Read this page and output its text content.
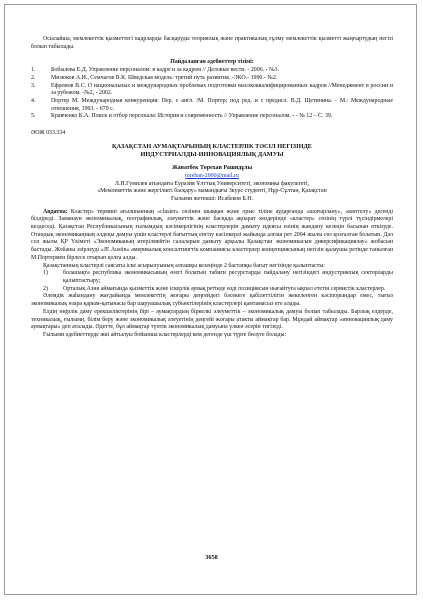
Осылайша, мемлекеттік қызметтегі кадрларды басқаруды теориялық және практикалық ғұлму мемлекеттік қызметті жаңғыртудың негізі болып табылады.

Пайдаланған әдебиеттер тізімі:

1.	Бобылева Е.Д. Управление персоналом: в кадре и за кадром // Деловые вести. - 2006. - №3.
2.	Мизюков А.И., Семчагов В.К. Шведская модель: третий путь развития. -ЭКО.- 1990.- №2.
3.	Ефремов В.С. О национальных и международных проблемах подготовки высококвалифицированных кадров //Менеджмент в россии и за рубежом. -№2, - 2002.
4.	Портер М. Международная конкуренция: Пер. с англ. /М. Портер; под ред. и с предисл. В.Д. Щетинина. - М.: Международные отношения, 1993. - 679 с.
5.	Кравченко К.А. Поиск и отбор персонала: История и современность // Управление персоналом. - - № 12 – С. 39.

ӘОЖ 033.334

ҚАЗАҚСТАН АУМАҚТАРЫНЫҢ КЛАСТЕРЛІК ТӘСІЛ НЕГІЗІНДЕ

ИНДУСТРИАЛДЫ-ИННОВАЦИЯЛЫҚ ДАМУЫ

Жанатбек Төрехан Рашидұлы

torehan-2000@mail.ru

Л.Н.Гумилев атындағы Еуразия Ұлттық Университеті, экономика факультеті,

«Мемлекеттік және жергілікті басқару» мамандығы 3курс студенті, Нұр-Сұлтан, Қазақстан

Ғылыми жетекші: Исабеков Б.Н.

Аңдатпа: Кластер» термині ағылшынның «cluster» сөзінен шыққан және орыс тіліне аударғанда «шоғырлану», «көптелу» дегенді білдіреді. Заманауи экономикалық, географиялық, әлеуметтік және басқада ақпарат көздерінде «кластер» сөзінің түрлі түсіндірмелері кездеседі. Қазақстан Республикасының ғылымдың кәсіпкерлігінің кластерлерін дамыту идеясы өзінің жандану кезеңін басынан өткізуде. Отандық экономикаңның әлдеқы дамуы үшін кластерлі бағыттың енгізу кәсіпкерлі жайында алғаш рет 2004 жылы сөз қозғалған болатын. Дәл сол жылы ҚР Үкіметі «Экономиканың игерілмейтін салаларын дамыту арқылы Қазақстан экономикасын диверсификациялау» жобасын бастады. Жобаны әзірлеуді «JE Austin» америкалық консалтингтік компаниясы кластерлер концепциясының негізін қалаушы ретінде танылған М.Портермен бірлесе отырып қолға алды.

Қазақстанның кластерлі саясаты іске асырылуының алғашқы кезеңінде 2 бастапқы бағыт негізінде қалыптасты:

1)	болашақта республика экономикасының өзегі болатын табиғи ресурстарды пайдалану негізіндегі индустриялық секторларды қалыптастыру;
2)	Орталық Азия аймағында қызметтік және іскерлік аумақ ретінде өзді позициясын нығайтуға ықпал ететін сервистік кластерлер.

Әлемдік жаһандану жағдайында мемлекеттің жоғары деңгейдегі бәсекеге қабілеттілігін жекеленген кәсіпорындар емес, тығыз экономикалық өзара қарым-қатынасы бар шаруашылық субъектілерінің кластерлері қамтамасыз ете алады.

Елдің өңірлік даму ерекшеліктерінің бірі – аумақтардың біркелкі әлеуметтік – экономикалық дамуы болып табылады. Барлық елдерде, техникалық, ғылыми, білім беру және экономикалық әлеуетінің деңгейі жоғары атакты аймақтар бар. Мұндай аймақтар «инновациялық даму аумақтары» деп аталады. Әдетте, бұл аймақтар түптік экономикалық дамуына үлкен әсерін тигізеді.

Ғылыми әдебиеттерде жиі айтылуы бойынша кластерлерді кем дегенде үш түрге бөлуге болады:

3658
